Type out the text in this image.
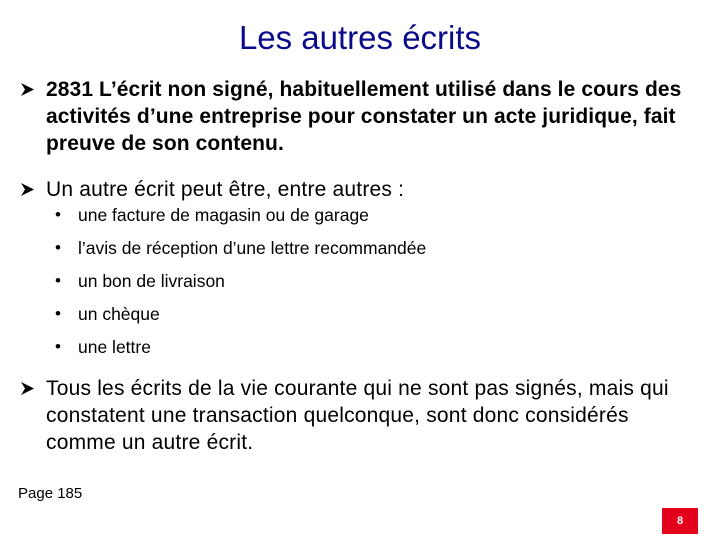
Les autres écrits
2831 L’écrit non signé, habituellement utilisé dans le cours des activités d’une entreprise pour constater un acte juridique, fait preuve de son contenu.
Un autre écrit peut être, entre autres :
• une facture de magasin ou de garage
• l’avis de réception d’une lettre recommandée
• un bon de livraison
• un chèque
• une lettre
Tous les écrits de la vie courante qui ne sont pas signés, mais qui constatent une transaction quelconque, sont donc considérés comme un autre écrit.
Page 185
8
